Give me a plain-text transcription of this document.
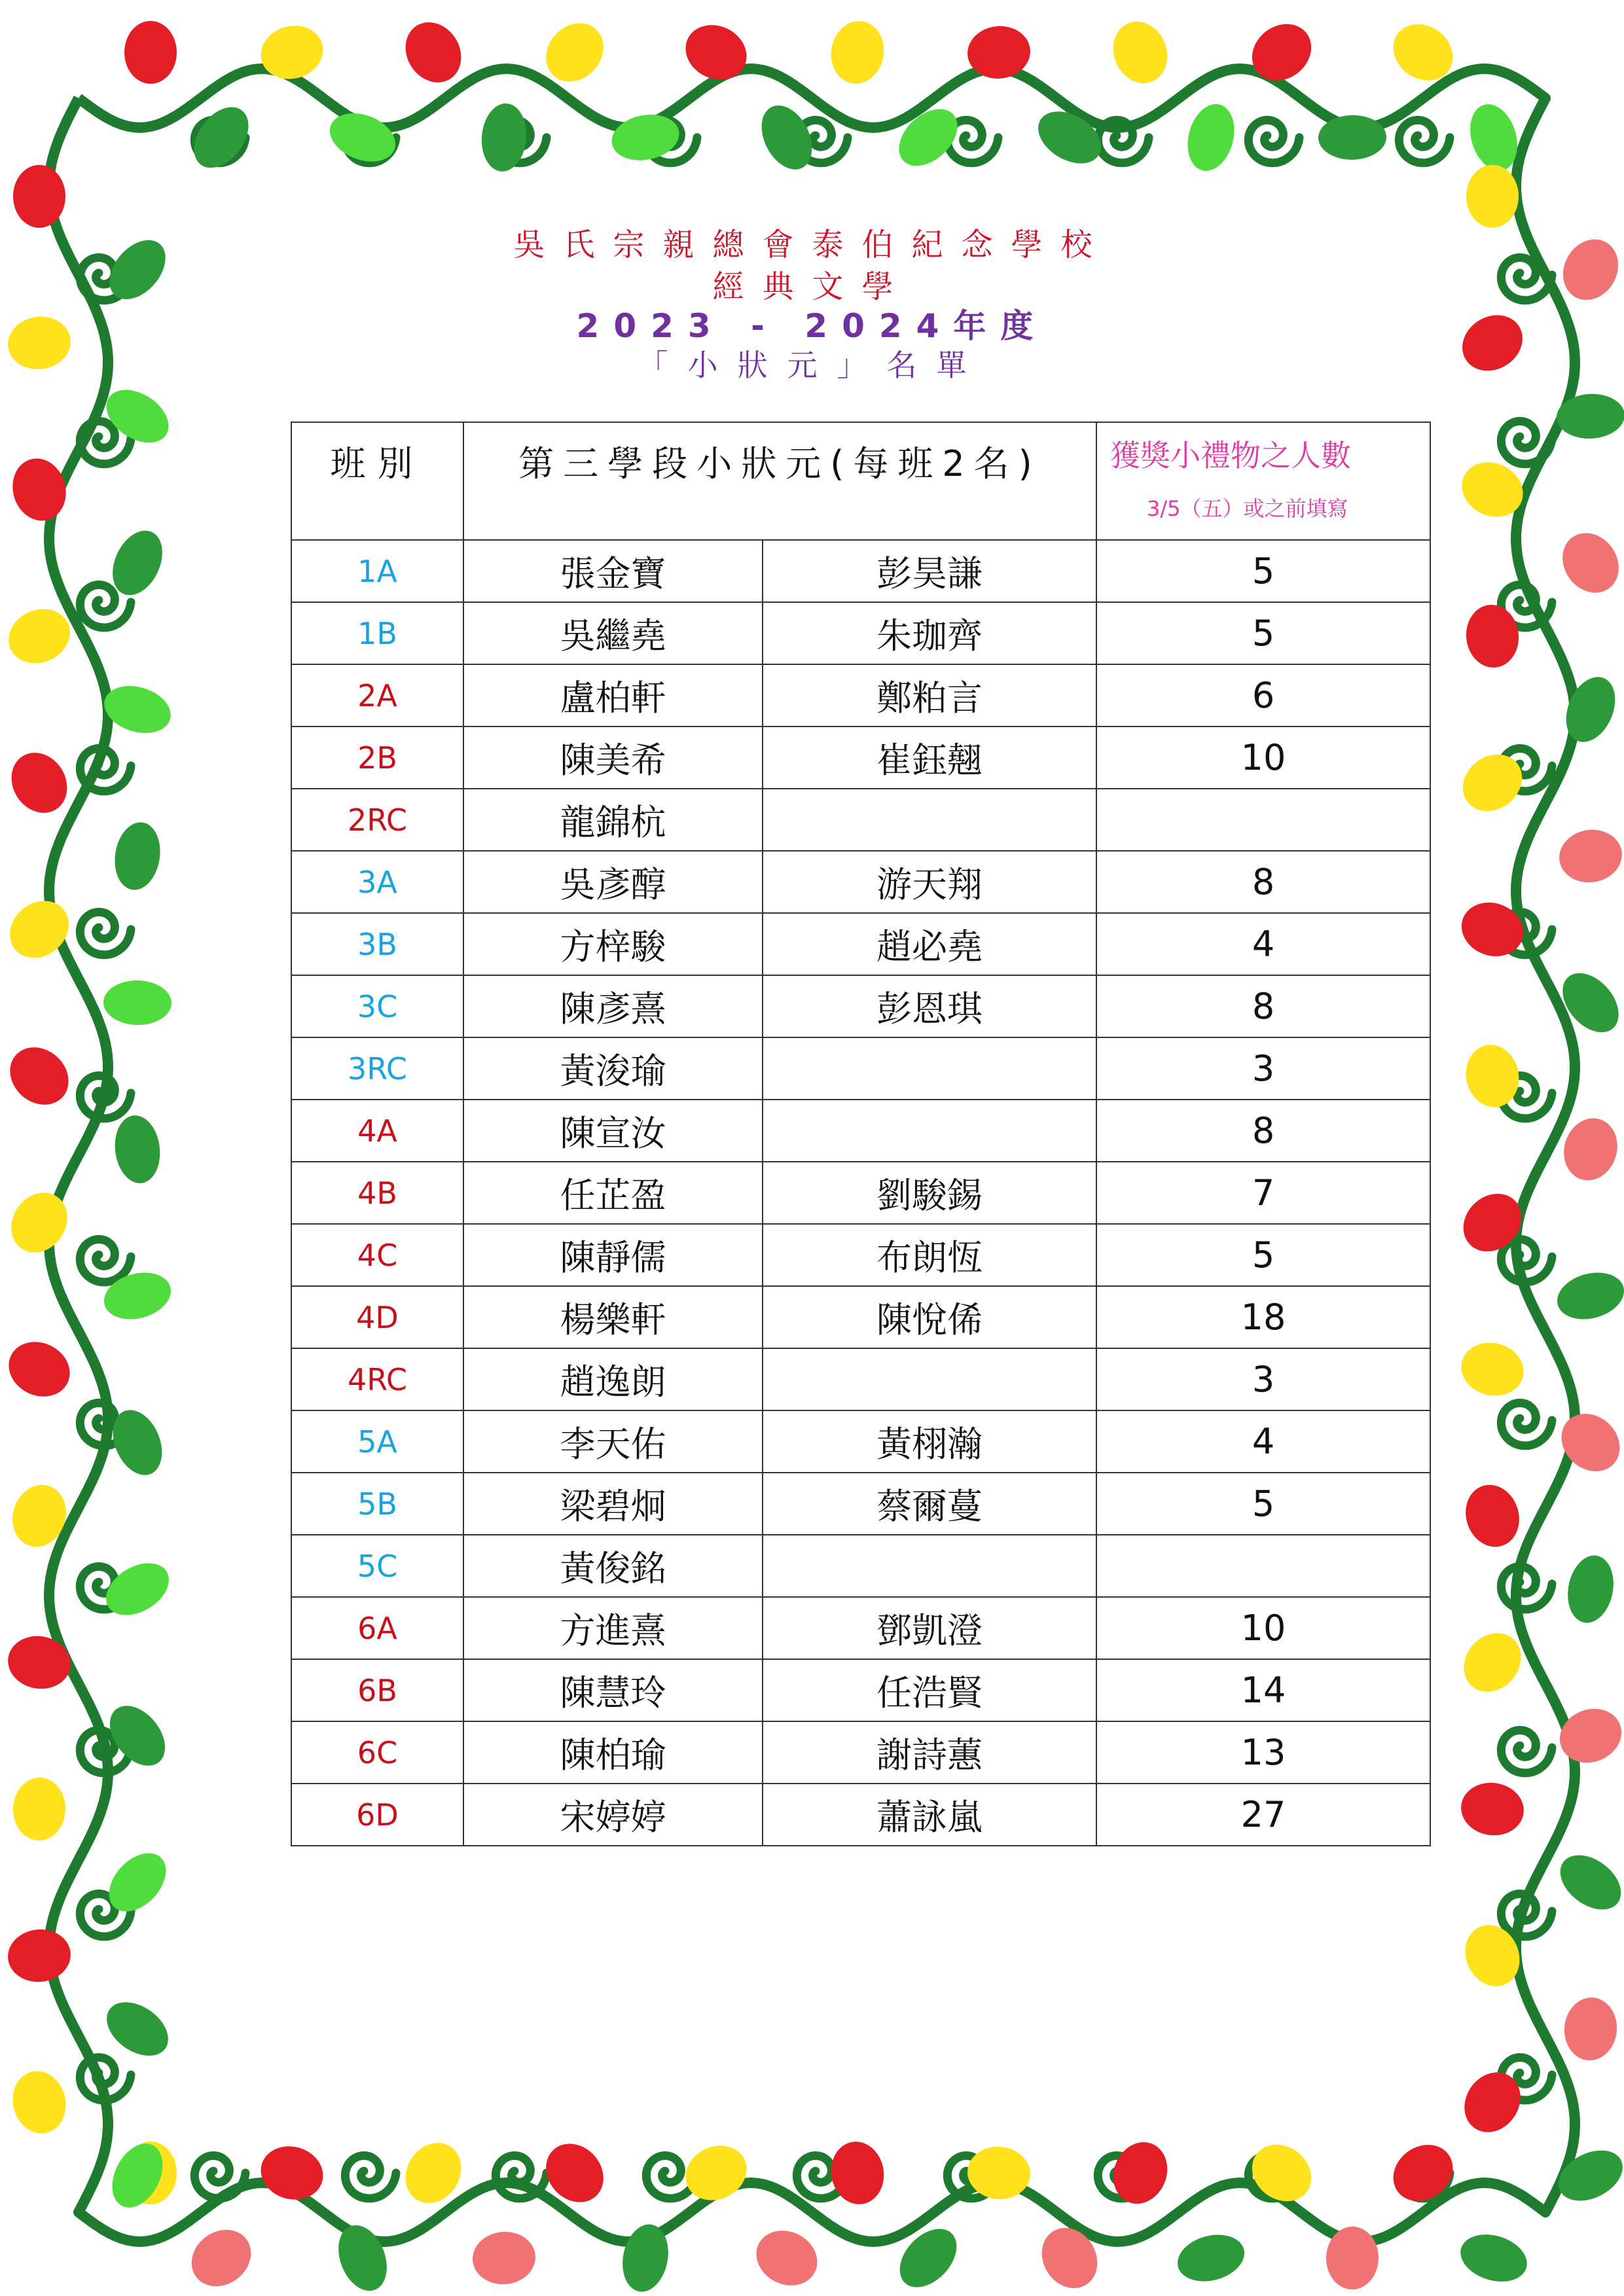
吳氏宗親總會泰伯紀念學校
經典文學
2023 - 2024年度
「小狀元」名單
班別	第三學段小狀元(每班2名)		獲獎小禮物之人數
3/5（五）或之前填寫

1A	張金寶	彭昊謙	5
1B	吳繼堯	朱珈齊	5
2A	盧柏軒	鄭粕言	6
2B	陳美希	崔鈺翹	10
2RC	龍錦杭		
3A	吳彥醇	游天翔	8
3B	方梓駿	趙必堯	4
3C	陳彥熹	彭恩琪	8
3RC	黃浚瑜		3
4A	陳宣汝		8
4B	任芷盈	劉駿錫	7
4C	陳靜儒	布朗恆	5
4D	楊樂軒	陳悅俙	18
4RC	趙逸朗		3
5A	李天佑	黃栩瀚	4
5B	梁碧炯	蔡爾蔓	5
5C	黃俊銘		
6A	方進熹	鄧凱澄	10
6B	陳慧玲	任浩賢	14
6C	陳柏瑜	謝詩蕙	13
6D	宋婷婷	蕭詠嵐	27
